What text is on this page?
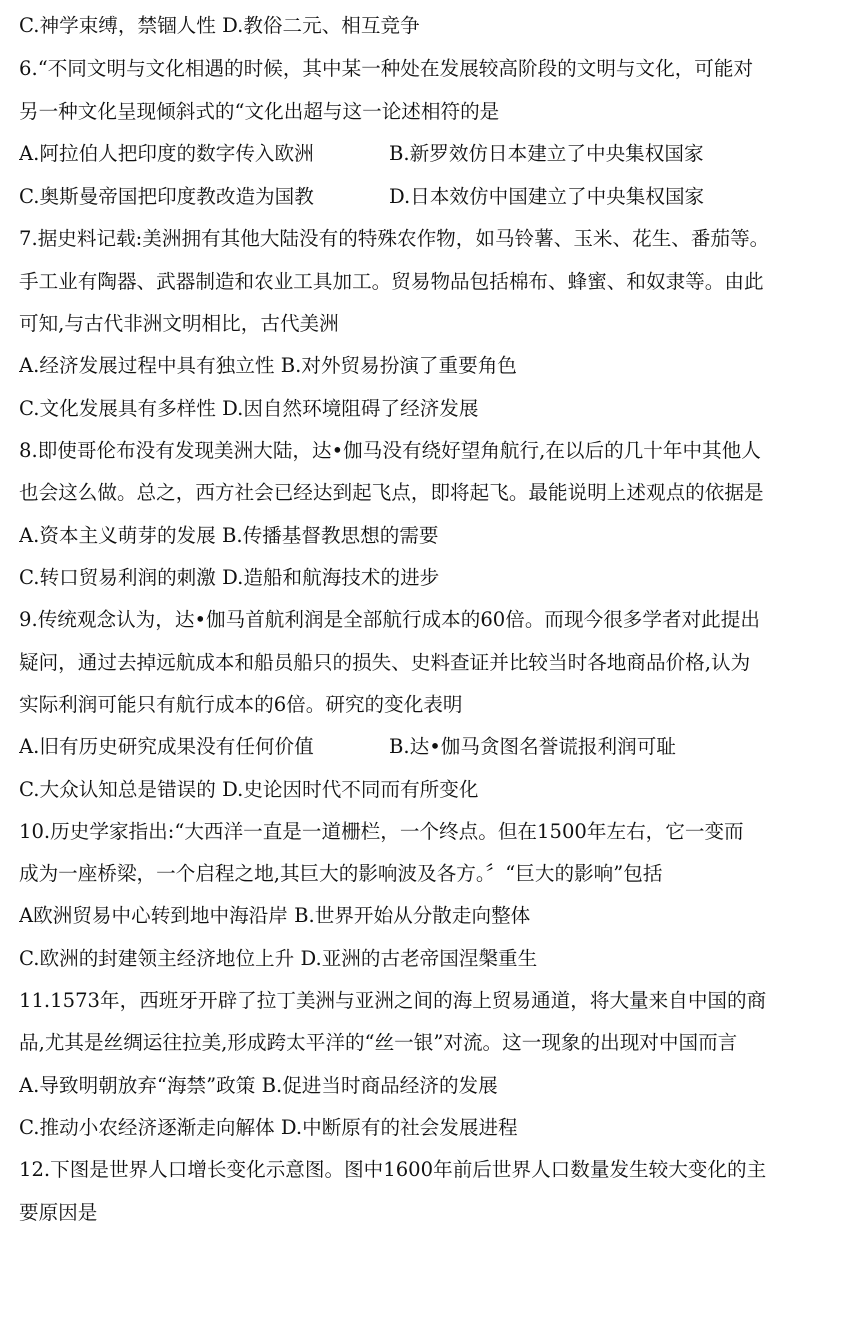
C.神学束缚，禁锢人性 D.教俗二元、相互竞争
6.“不同文明与文化相遇的时候，其中某一种处在发展较高阶段的文明与文化，可能对
另一种文化呈现倾斜式的“文化出超与这一论述相符的是
A.阿拉伯人把印度的数字传入欧洲	B.新罗效仿日本建立了中央集权国家
C.奥斯曼帝国把印度教改造为国教	D.日本效仿中国建立了中央集权国家
7.据史料记载:美洲拥有其他大陆没有的特殊农作物，如马铃薯、玉米、花生、番茄等。
手工业有陶器、武器制造和农业工具加工。贸易物品包括棉布、蜂蜜、和奴隶等。由此
可知,与古代非洲文明相比，古代美洲
A.经济发展过程中具有独立性 B.对外贸易扮演了重要角色
C.文化发展具有多样性 D.因自然环境阻碍了经济发展
8.即使哥伦布没有发现美洲大陆，达•伽马没有绕好望角航行,在以后的几十年中其他人
也会这么做。总之，西方社会已经达到起飞点，即将起飞。最能说明上述观点的依据是
A.资本主义萌芽的发展 B.传播基督教思想的需要
C.转口贸易利润的刺激 D.造船和航海技术的进步
9.传统观念认为，达•伽马首航利润是全部航行成本的60倍。而现今很多学者对此提出
疑问，通过去掉远航成本和船员船只的损失、史料查证并比较当时各地商品价格,认为
实际利润可能只有航行成本的6倍。研究的变化表明
A.旧有历史研究成果没有任何价值	B.达•伽马贪图名誉谎报利润可耻
C.大众认知总是错误的 D.史论因时代不同而有所变化
10.历史学家指出:“大西洋一直是一道栅栏，一个终点。但在1500年左右，它一变而
成为一座桥梁，一个启程之地,其巨大的影响波及各方。〞“巨大的影响”包括
A欧洲贸易中心转到地中海沿岸 B.世界开始从分散走向整体
C.欧洲的封建领主经济地位上升 D.亚洲的古老帝国涅槃重生
11.1573年，西班牙开辟了拉丁美洲与亚洲之间的海上贸易通道，将大量来自中国的商
品,尤其是丝绸运往拉美,形成跨太平洋的“丝一银”对流。这一现象的出现对中国而言
A.导致明朝放弃“海禁”政策 B.促进当时商品经济的发展
C.推动小农经济逐渐走向解体 D.中断原有的社会发展进程
12.下图是世界人口增长变化示意图。图中1600年前后世界人口数量发生较大变化的主
要原因是
